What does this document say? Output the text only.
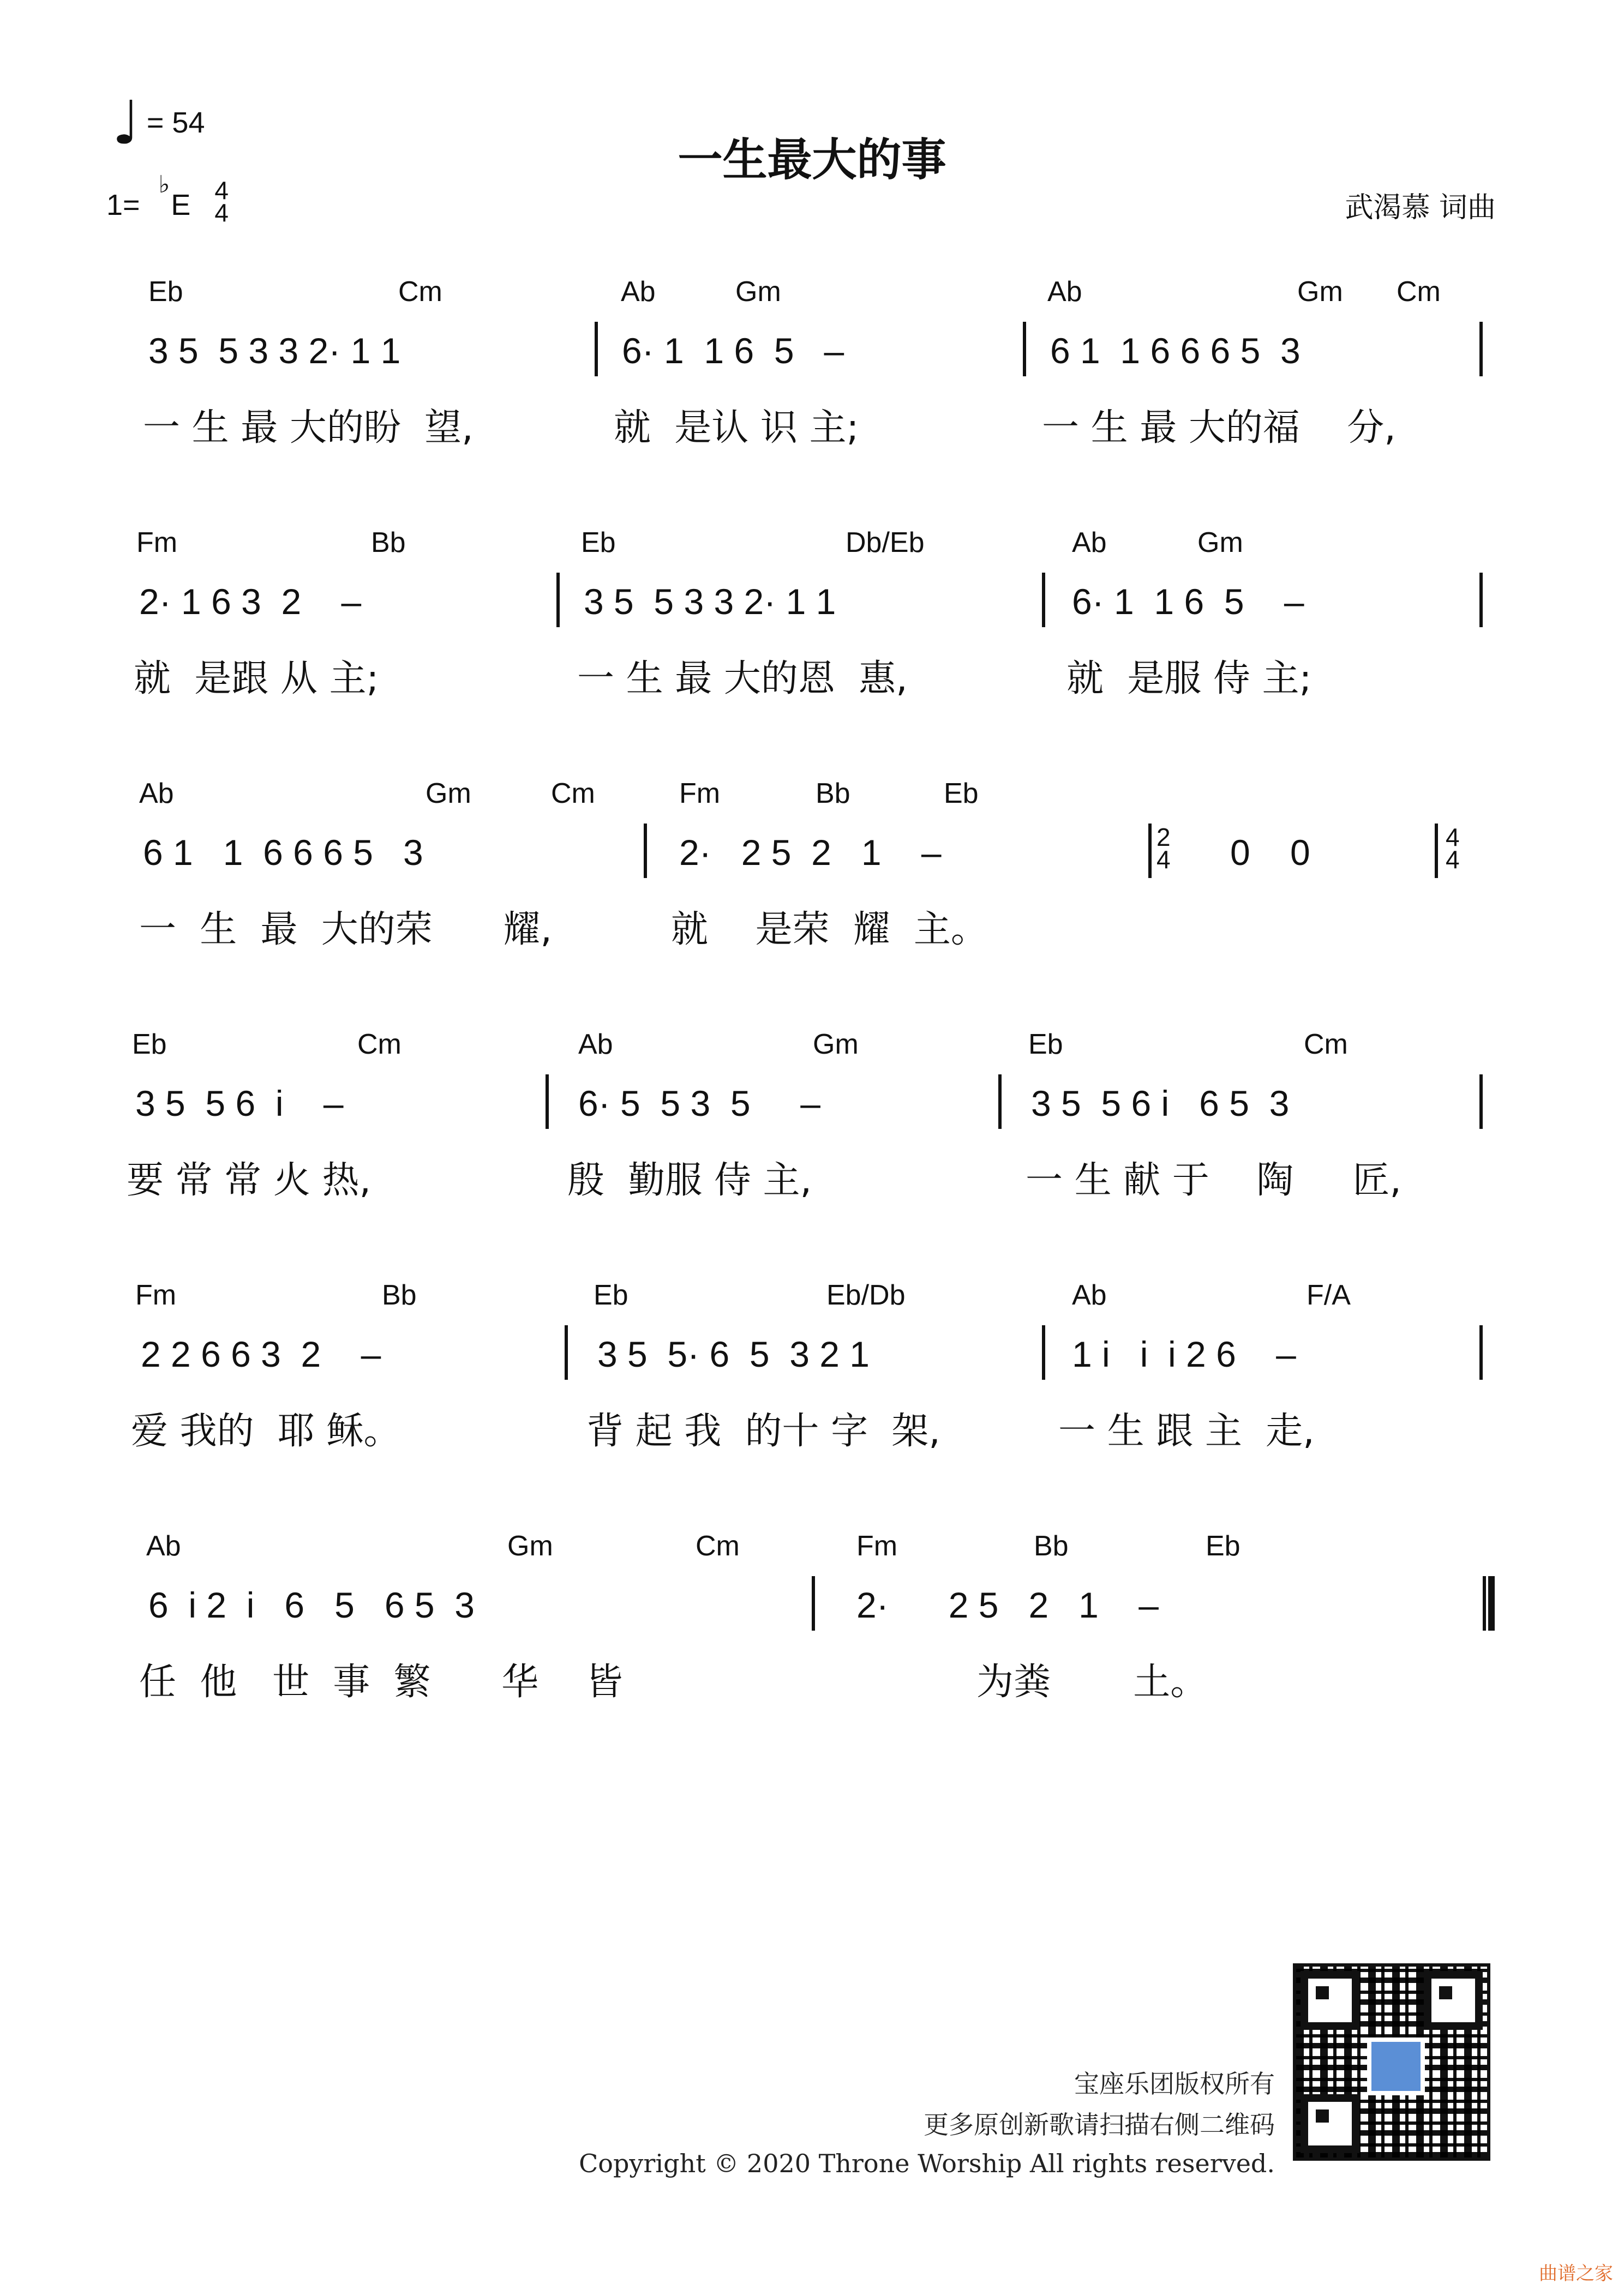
♩ = 54
一生最大的事
1=
♭
E 4
4	武渴慕 词曲
Eb	Cm	Ab	Gm	Ab	Gm Cm
3 5  5 3 3 2· 1 1	6· 1  1 6  5   –	6 1  1 6 6 6 5  3
一 生 最 大的盼  望,	就  是认 识 主;	一 生 最 大的福    分,
Fm	Bb	Eb	Db/Eb	Ab	Gm
2· 1 6 3  2    –	3 5  5 3 3 2· 1 1	6· 1  1 6  5    –
就  是跟 从 主;	一 生 最 大的恩  惠,	就  是服 侍 主;
Ab	Gm	Cm	Fm	Bb	Eb
6 1   1  6 6 6 5   3	2·   2 5  2   1    –	2
4 0    0	4
4
一  生  最  大的荣      耀,	就    是荣  耀  主。
Eb	Cm	Ab	Gm	Eb	Cm
3 5  5 6  i    –	6· 5  5 3  5     –	3 5  5 6 i   6 5  3
要 常 常 火 热,	殷  勤服 侍 主,	一 生 献 于    陶     匠,
Fm	Bb	Eb	Eb/Db	Ab	F/A
2 2 6 6 3  2    –	3 5  5· 6  5  3 2 1	1 i   i  i 2 6    –
爱 我的  耶 稣。	背 起 我  的十 字  架,	一 生 跟 主  走,
Ab	Gm	Cm	Fm	Bb	Eb
6  i 2  i   6   5   6 5  3	2·      2 5   2   1    –
任  他   世  事  繁      华    皆	为粪       土。
宝座乐团版权所有
更多原创新歌请扫描右侧二维码
Copyright © 2020 Throne Worship All rights reserved.
曲谱之家
